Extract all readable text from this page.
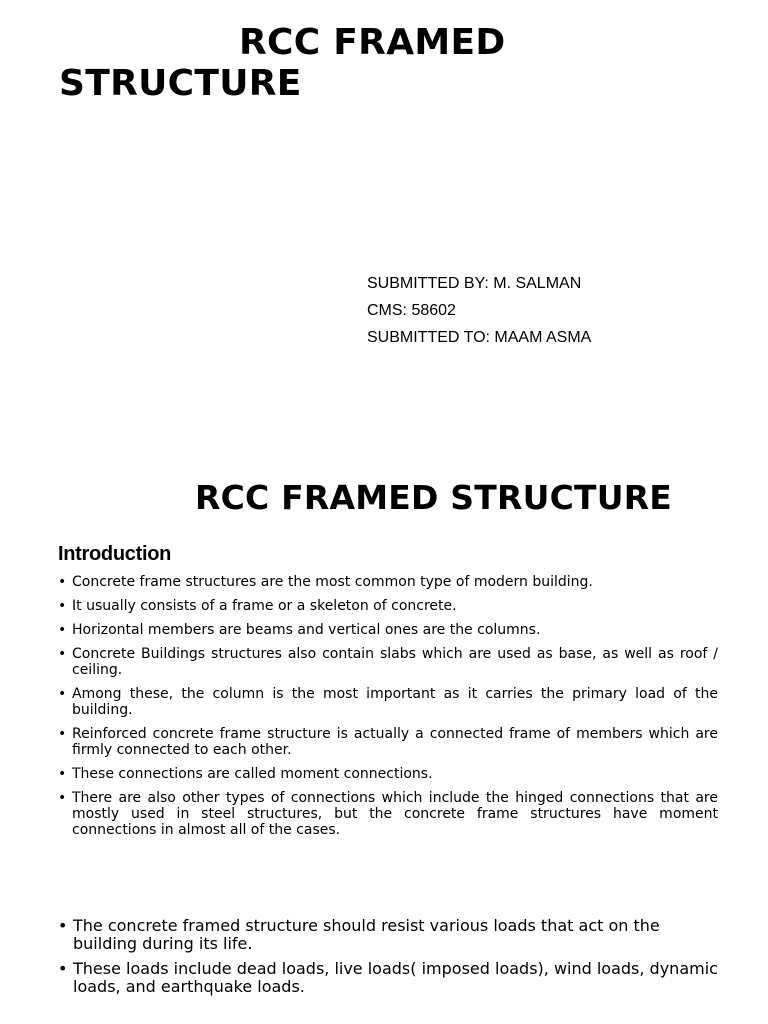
RCC FRAMED
STRUCTURE
SUBMITTED BY: M. SALMAN
CMS: 58602
SUBMITTED TO: MAAM ASMA
RCC FRAMED STRUCTURE
Introduction
• Concrete frame structures are the most common type of modern building.
• It usually consists of a frame or a skeleton of concrete.
• Horizontal members are beams and vertical ones are the columns.
• Concrete Buildings structures also contain slabs which are used as base, as well as roof / ceiling.
• Among these, the column is the most important as it carries the primary load of the building.
• Reinforced concrete frame structure is actually a connected frame of members which are firmly connected to each other.
• These connections are called moment connections.
• There are also other types of connections which include the hinged connections that are mostly used in steel structures, but the concrete frame structures have moment connections in almost all of the cases.
• The concrete framed structure should resist various loads that act on the building during its life.
• These loads include dead loads, live loads( imposed loads), wind loads, dynamic loads, and earthquake loads.
